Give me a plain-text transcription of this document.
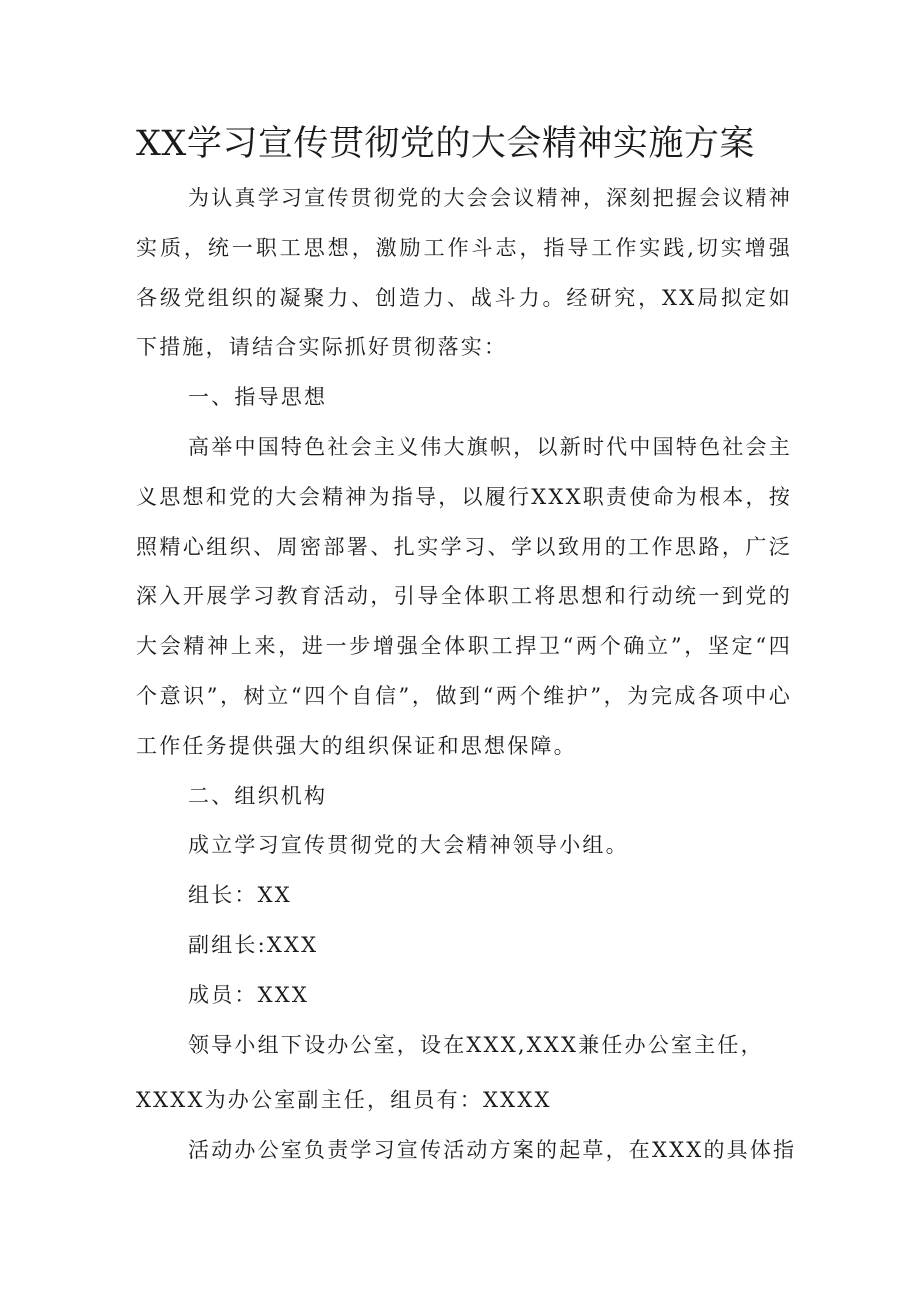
XX学习宣传贯彻党的大会精神实施方案

为认真学习宣传贯彻党的大会会议精神，深刻把握会议精神实质，统一职工思想，激励工作斗志，指导工作实践,切实增强各级党组织的凝聚力、创造力、战斗力。经研究，XX局拟定如下措施，请结合实际抓好贯彻落实：

一、指导思想

高举中国特色社会主义伟大旗帜，以新时代中国特色社会主义思想和党的大会精神为指导，以履行XXX职责使命为根本，按照精心组织、周密部署、扎实学习、学以致用的工作思路，广泛深入开展学习教育活动，引导全体职工将思想和行动统一到党的大会精神上来，进一步增强全体职工捍卫“两个确立”，坚定“四个意识”，树立“四个自信”，做到“两个维护”，为完成各项中心工作任务提供强大的组织保证和思想保障。

二、组织机构

成立学习宣传贯彻党的大会精神领导小组。

组长：XX

副组长:XXX

成员：XXX

领导小组下设办公室，设在XXX,XXX兼任办公室主任，

XXXX为办公室副主任，组员有：XXXX

活动办公室负责学习宣传活动方案的起草，在XXX的具体指
